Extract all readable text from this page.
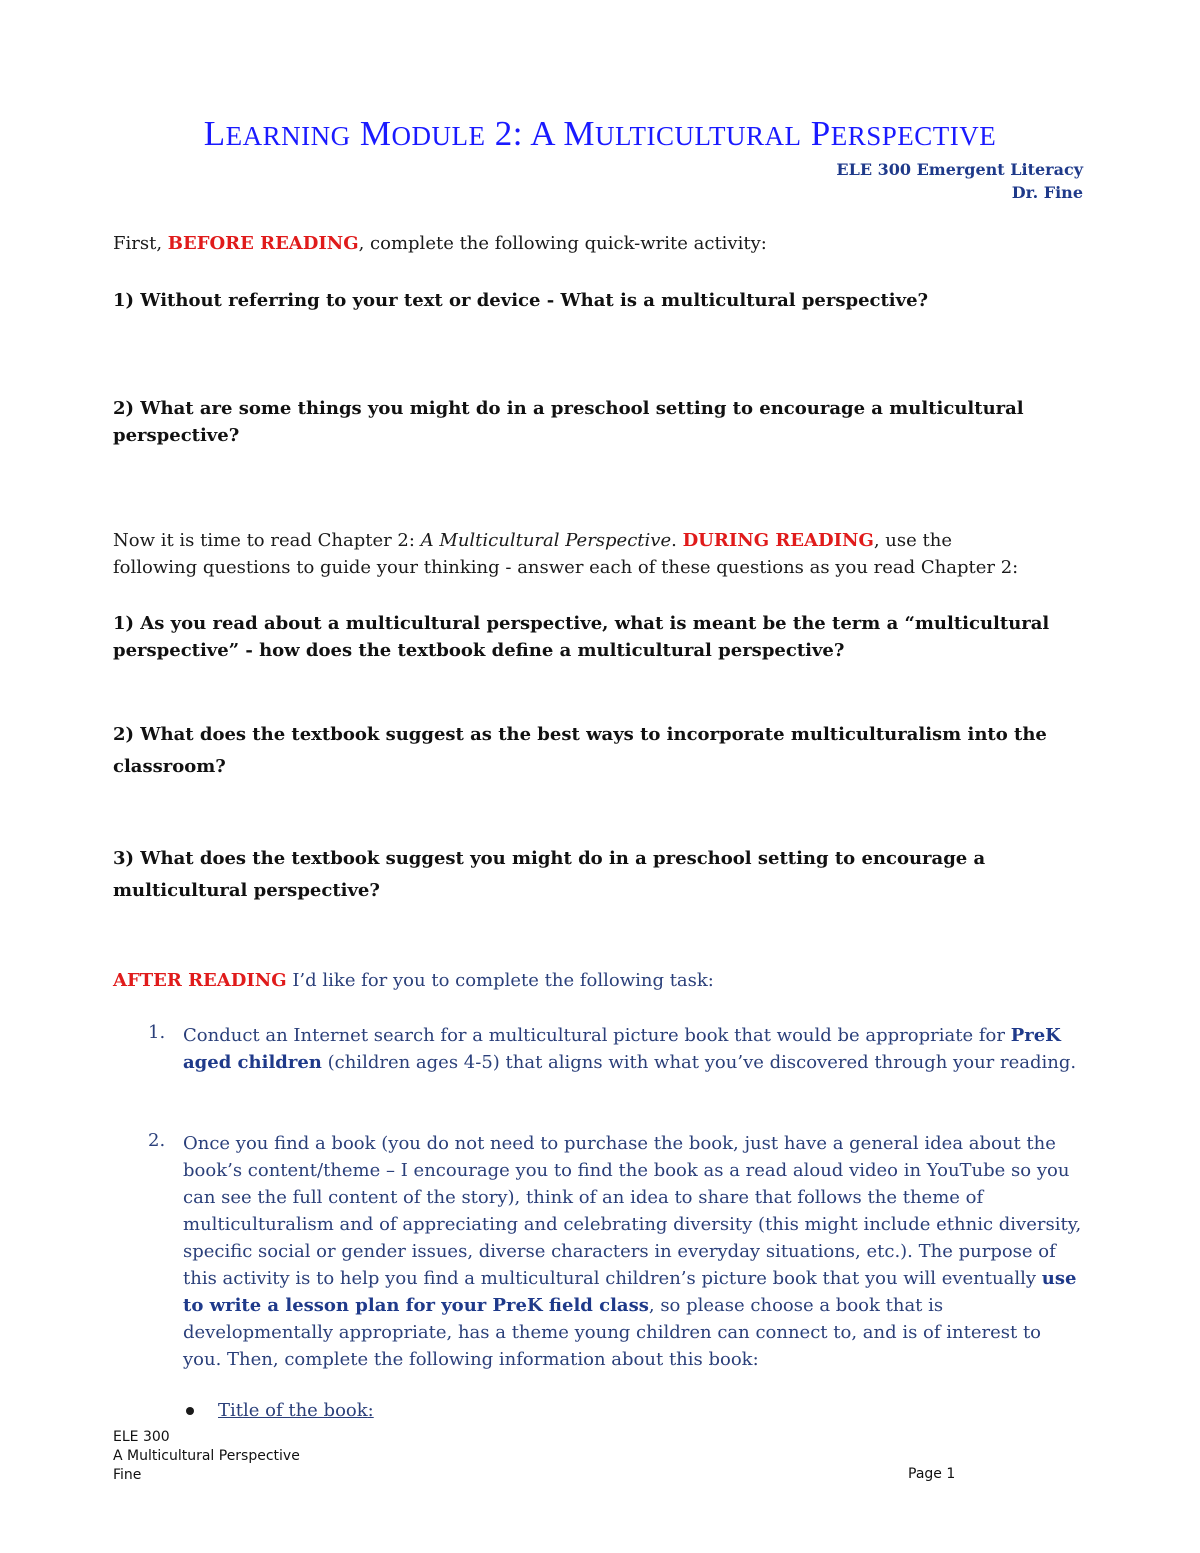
LEARNING MODULE 2: A MULTICULTURAL PERSPECTIVE
ELE 300 Emergent Literacy
Dr. Fine
First, BEFORE READING, complete the following quick-write activity:
1) Without referring to your text or device - What is a multicultural perspective?
2) What are some things you might do in a preschool setting to encourage a multicultural
perspective?
Now it is time to read Chapter 2: A Multicultural Perspective. DURING READING, use the
following questions to guide your thinking - answer each of these questions as you read Chapter 2:
1) As you read about a multicultural perspective, what is meant be the term a “multicultural
perspective” - how does the textbook define a multicultural perspective?
2) What does the textbook suggest as the best ways to incorporate multiculturalism into the
classroom?
3) What does the textbook suggest you might do in a preschool setting to encourage a
multicultural perspective?
AFTER READING I’d like for you to complete the following task:
1. Conduct an Internet search for a multicultural picture book that would be appropriate for PreK aged children (children ages 4-5) that aligns with what you’ve discovered through your reading.
2. Once you find a book (you do not need to purchase the book, just have a general idea about the book’s content/theme – I encourage you to find the book as a read aloud video in YouTube so you can see the full content of the story), think of an idea to share that follows the theme of multiculturalism and of appreciating and celebrating diversity (this might include ethnic diversity, specific social or gender issues, diverse characters in everyday situations, etc.). The purpose of this activity is to help you find a multicultural children’s picture book that you will eventually use to write a lesson plan for your PreK field class, so please choose a book that is developmentally appropriate, has a theme young children can connect to, and is of interest to you. Then, complete the following information about this book:
Title of the book:
ELE 300
A Multicultural Perspective
Fine	Page 1
